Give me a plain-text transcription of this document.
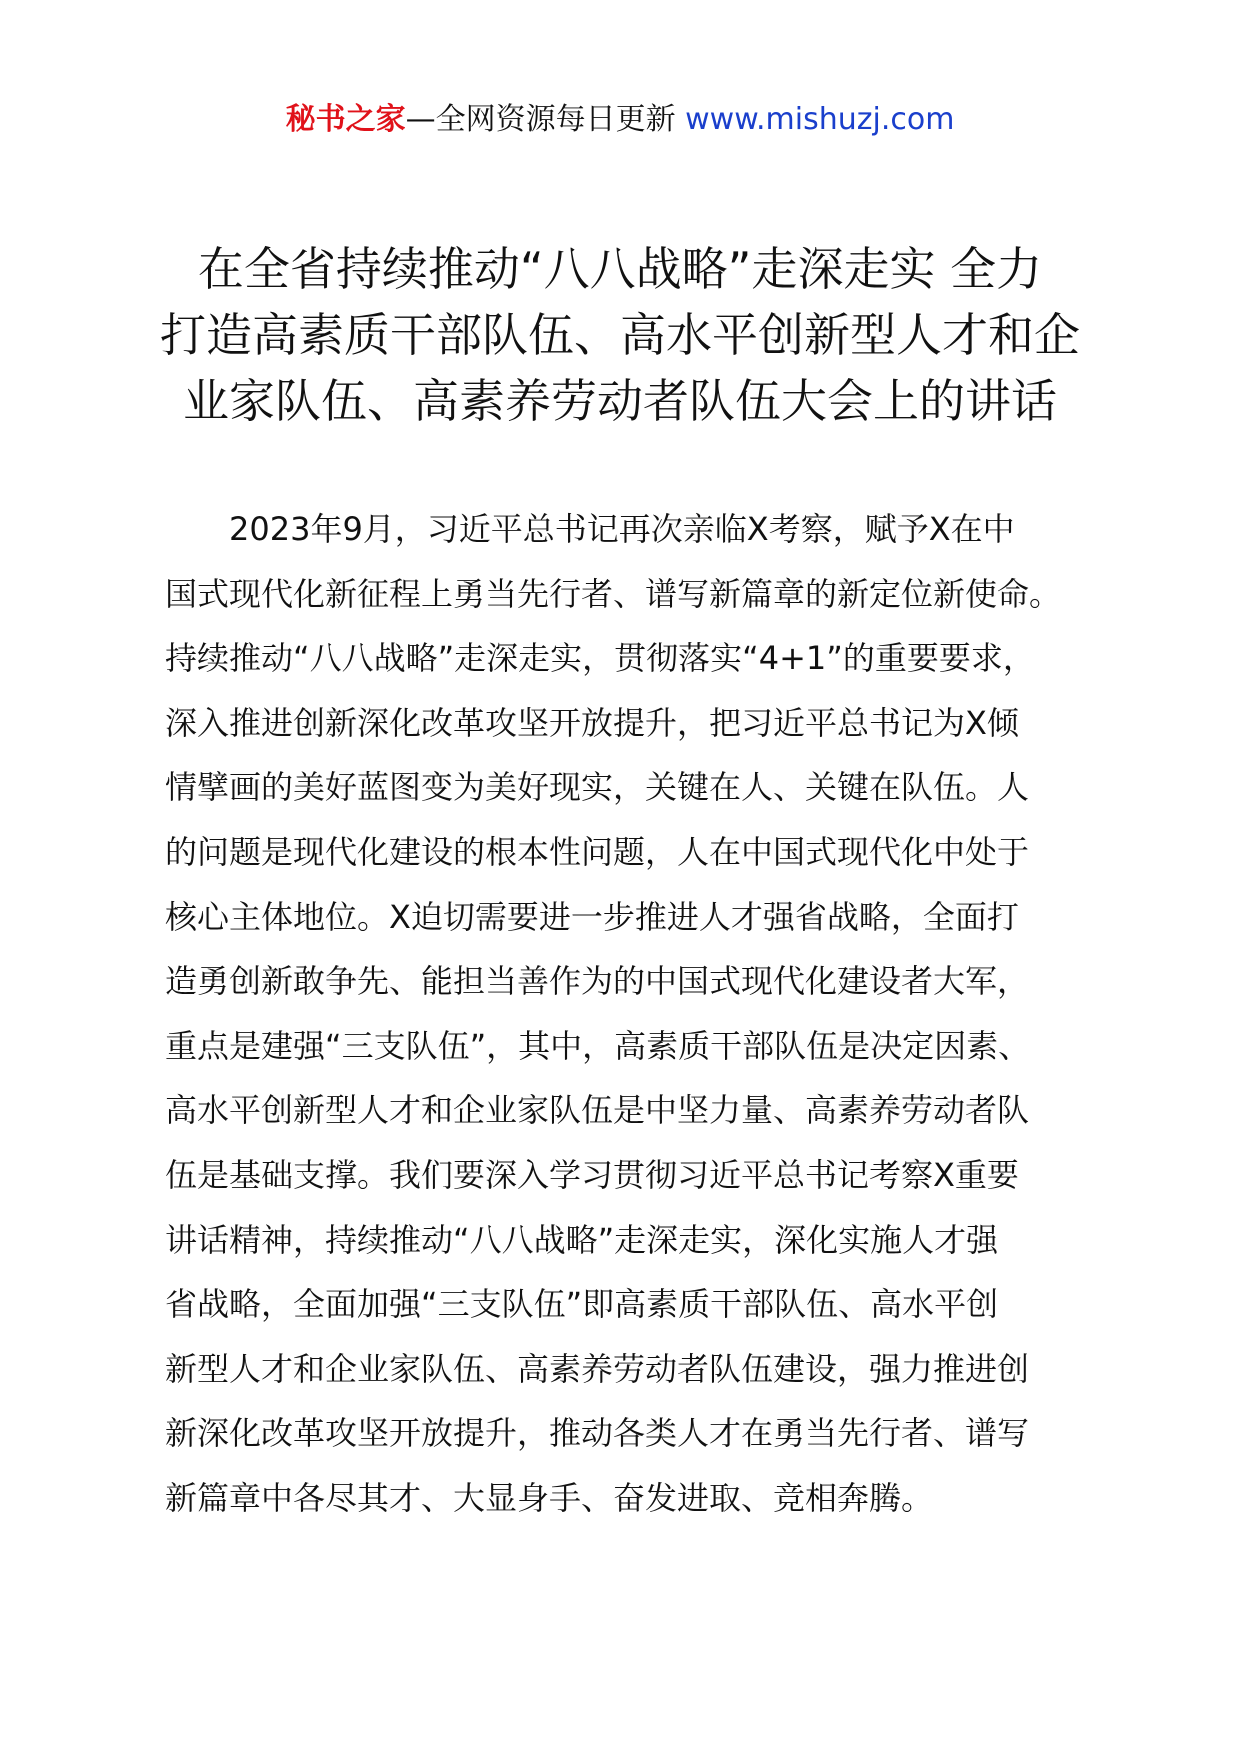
秘书之家—全网资源每日更新 www.mishuzj.com
在全省持续推动“八八战略”走深走实 全力
打造高素质干部队伍、高水平创新型人才和企
业家队伍、高素养劳动者队伍大会上的讲话
2023年9月，习近平总书记再次亲临X考察，赋予X在中
国式现代化新征程上勇当先行者、谱写新篇章的新定位新使命。
持续推动“八八战略”走深走实，贯彻落实“4+1”的重要要求，
深入推进创新深化改革攻坚开放提升，把习近平总书记为X倾
情擘画的美好蓝图变为美好现实，关键在人、关键在队伍。人
的问题是现代化建设的根本性问题，人在中国式现代化中处于
核心主体地位。X迫切需要进一步推进人才强省战略，全面打
造勇创新敢争先、能担当善作为的中国式现代化建设者大军，
重点是建强“三支队伍”，其中，高素质干部队伍是决定因素、
高水平创新型人才和企业家队伍是中坚力量、高素养劳动者队
伍是基础支撑。我们要深入学习贯彻习近平总书记考察X重要
讲话精神，持续推动“八八战略”走深走实，深化实施人才强
省战略，全面加强“三支队伍”即高素质干部队伍、高水平创
新型人才和企业家队伍、高素养劳动者队伍建设，强力推进创
新深化改革攻坚开放提升，推动各类人才在勇当先行者、谱写
新篇章中各尽其才、大显身手、奋发进取、竞相奔腾。
